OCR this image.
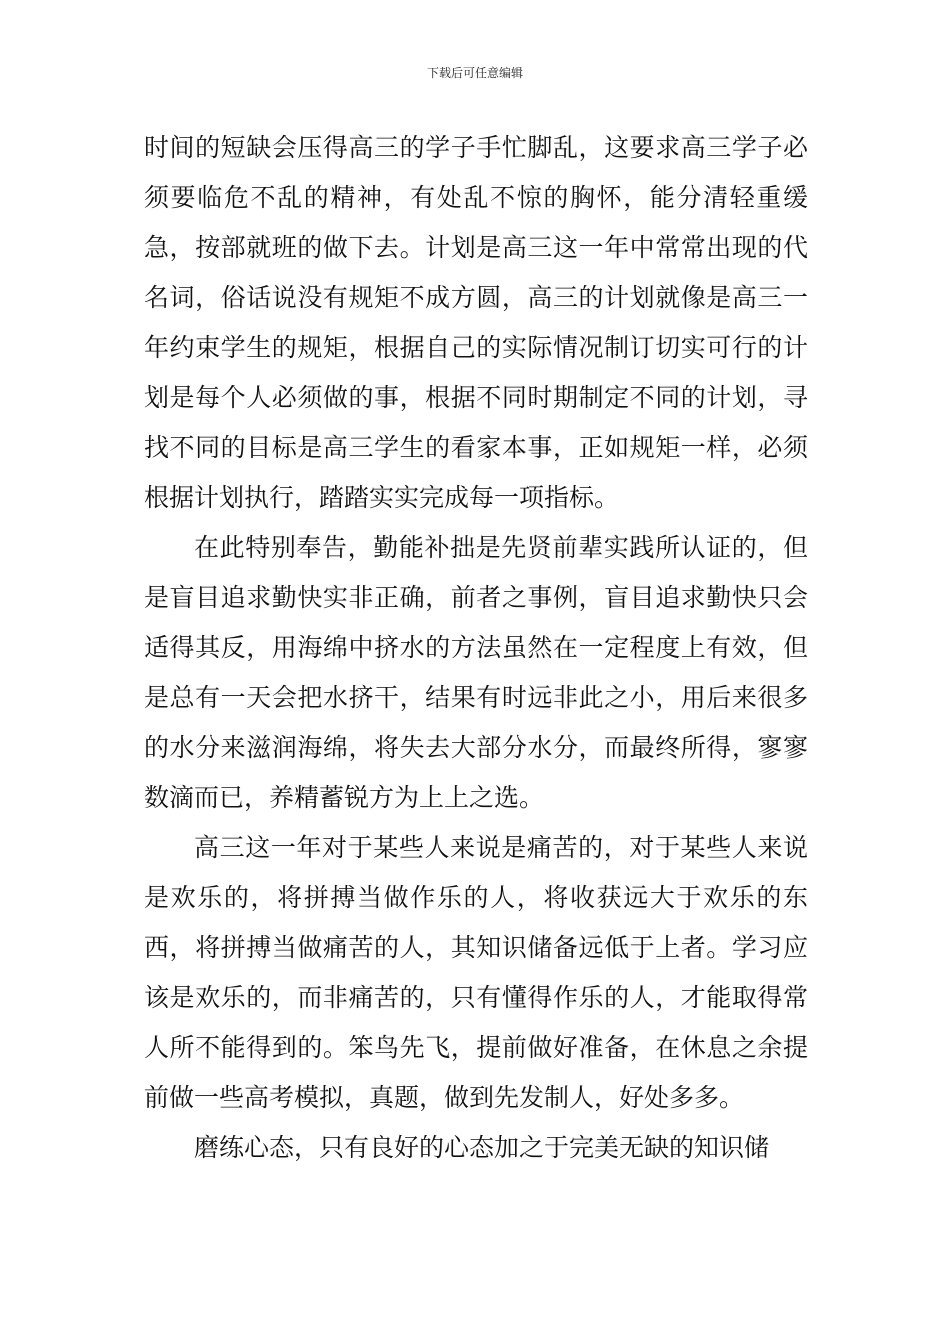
下载后可任意编辑

时间的短缺会压得高三的学子手忙脚乱，这要求高三学子必须要临危不乱的精神，有处乱不惊的胸怀，能分清轻重缓急，按部就班的做下去。计划是高三这一年中常常出现的代名词，俗话说没有规矩不成方圆，高三的计划就像是高三一年约束学生的规矩，根据自己的实际情况制订切实可行的计划是每个人必须做的事，根据不同时期制定不同的计划，寻找不同的目标是高三学生的看家本事，正如规矩一样，必须根据计划执行，踏踏实实完成每一项指标。

在此特别奉告，勤能补拙是先贤前辈实践所认证的，但是盲目追求勤快实非正确，前者之事例，盲目追求勤快只会适得其反，用海绵中挤水的方法虽然在一定程度上有效，但是总有一天会把水挤干，结果有时远非此之小，用后来很多的水分来滋润海绵，将失去大部分水分，而最终所得，寥寥数滴而已，养精蓄锐方为上上之选。

高三这一年对于某些人来说是痛苦的，对于某些人来说是欢乐的，将拼搏当做作乐的人，将收获远大于欢乐的东西，将拼搏当做痛苦的人，其知识储备远低于上者。学习应该是欢乐的，而非痛苦的，只有懂得作乐的人，才能取得常人所不能得到的。笨鸟先飞，提前做好准备，在休息之余提前做一些高考模拟，真题，做到先发制人，好处多多。

磨练心态，只有良好的心态加之于完美无缺的知识储
